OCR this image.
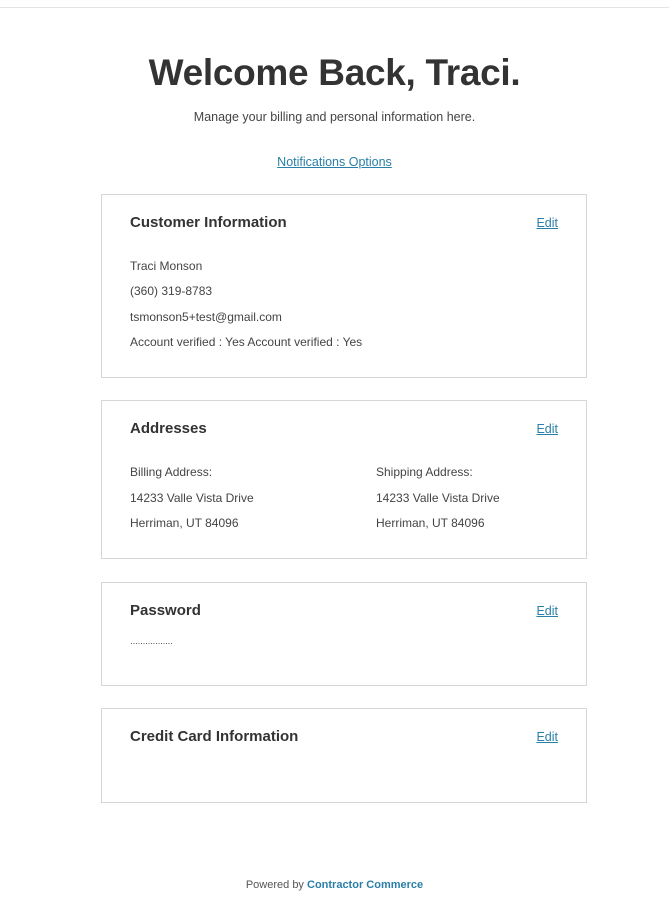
Welcome Back, Traci.
Manage your billing and personal information here.
Notifications Options
Customer Information	Edit
Traci Monson
(360) 319-8783
tsmonson5+test@gmail.com
Account verified : Yes Account verified : Yes
Addresses	Edit
Billing Address:
14233 Valle Vista Drive
Herriman, UT 84096
Shipping Address:
14233 Valle Vista Drive
Herriman, UT 84096
Password	Edit
·················
Credit Card Information	Edit
Powered by Contractor Commerce
